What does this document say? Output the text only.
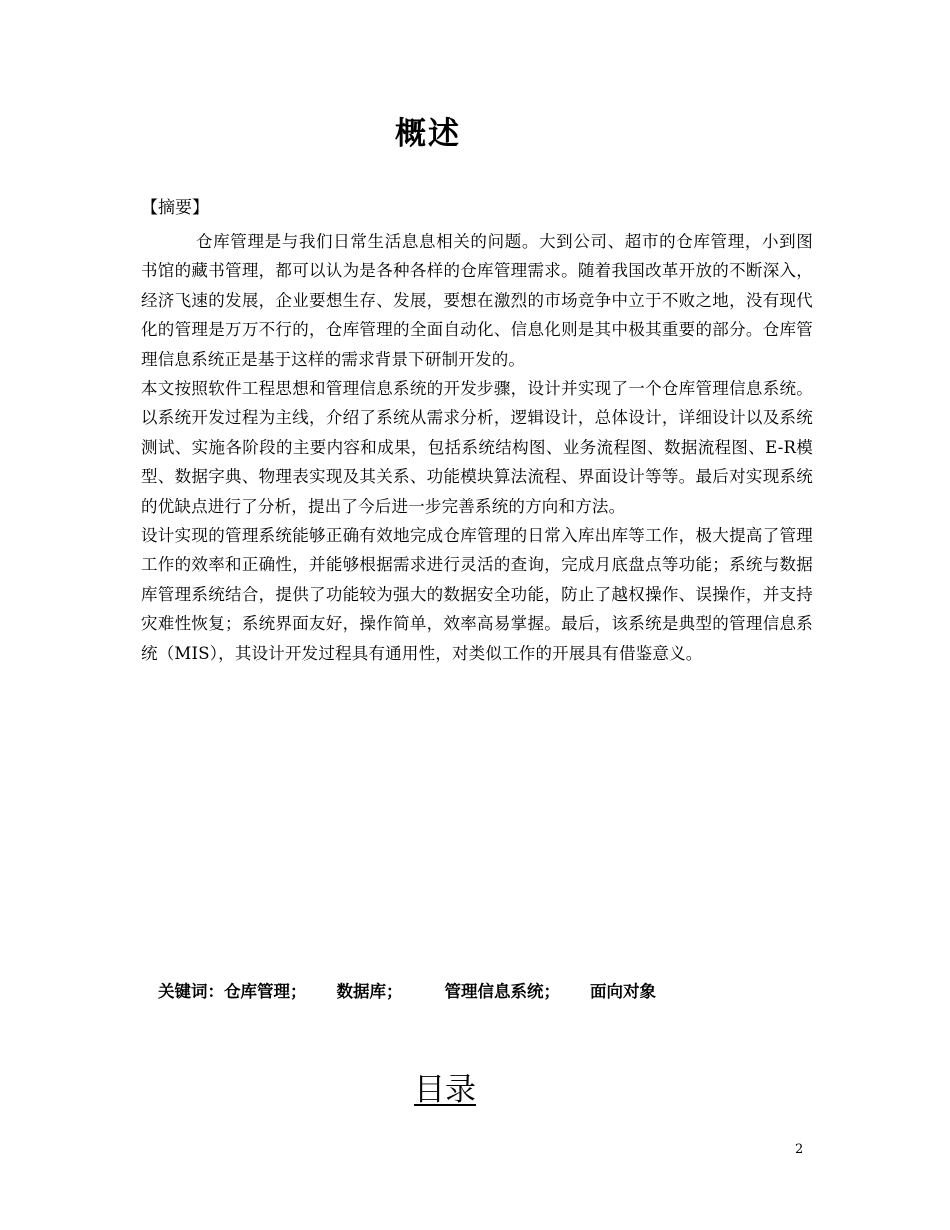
概述
【摘要】

仓库管理是与我们日常生活息息相关的问题。大到公司、超市的仓库管理，小到图书馆的藏书管理，都可以认为是各种各样的仓库管理需求。随着我国改革开放的不断深入，经济飞速的发展，企业要想生存、发展，要想在激烈的市场竞争中立于不败之地，没有现代化的管理是万万不行的，仓库管理的全面自动化、信息化则是其中极其重要的部分。仓库管理信息系统正是基于这样的需求背景下研制开发的。

本文按照软件工程思想和管理信息系统的开发步骤，设计并实现了一个仓库管理信息系统。以系统开发过程为主线，介绍了系统从需求分析，逻辑设计，总体设计，详细设计以及系统测试、实施各阶段的主要内容和成果，包括系统结构图、业务流程图、数据流程图、E-R模型、数据字典、物理表实现及其关系、功能模块算法流程、界面设计等等。最后对实现系统的优缺点进行了分析，提出了今后进一步完善系统的方向和方法。

设计实现的管理系统能够正确有效地完成仓库管理的日常入库出库等工作，极大提高了管理工作的效率和正确性，并能够根据需求进行灵活的查询，完成月底盘点等功能；系统与数据库管理系统结合，提供了功能较为强大的数据安全功能，防止了越权操作、误操作，并支持灾难性恢复；系统界面友好，操作简单，效率高易掌握。最后，该系统是典型的管理信息系统（MIS），其设计开发过程具有通用性，对类似工作的开展具有借鉴意义。

关键词：仓库管理； 数据库；	管理信息系统； 面向对象
目录
2
